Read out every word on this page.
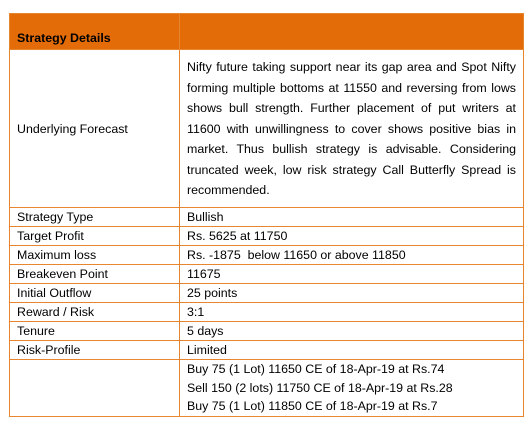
Strategy Details	
Underlying Forecast	Nifty future taking support near its gap area and Spot Nifty forming multiple bottoms at 11550 and reversing from lows shows bull strength. Further placement of put writers at 11600 with unwillingness to cover shows positive bias in market. Thus bullish strategy is advisable. Considering truncated week, low risk strategy Call Butterfly Spread is recommended.

Strategy Type	Bullish
Target Profit	Rs. 5625 at 11750
Maximum loss	Rs. -1875  below 11650 or above 11850
Breakeven Point	11675
Initial Outflow	25 points
Reward / Risk	3:1
Tenure	5 days
Risk-Profile	Limited

	Buy 75 (1 Lot) 11650 CE of 18-Apr-19 at Rs.74
Sell 150 (2 lots) 11750 CE of 18-Apr-19 at Rs.28
Buy 75 (1 Lot) 11850 CE of 18-Apr-19 at Rs.7
